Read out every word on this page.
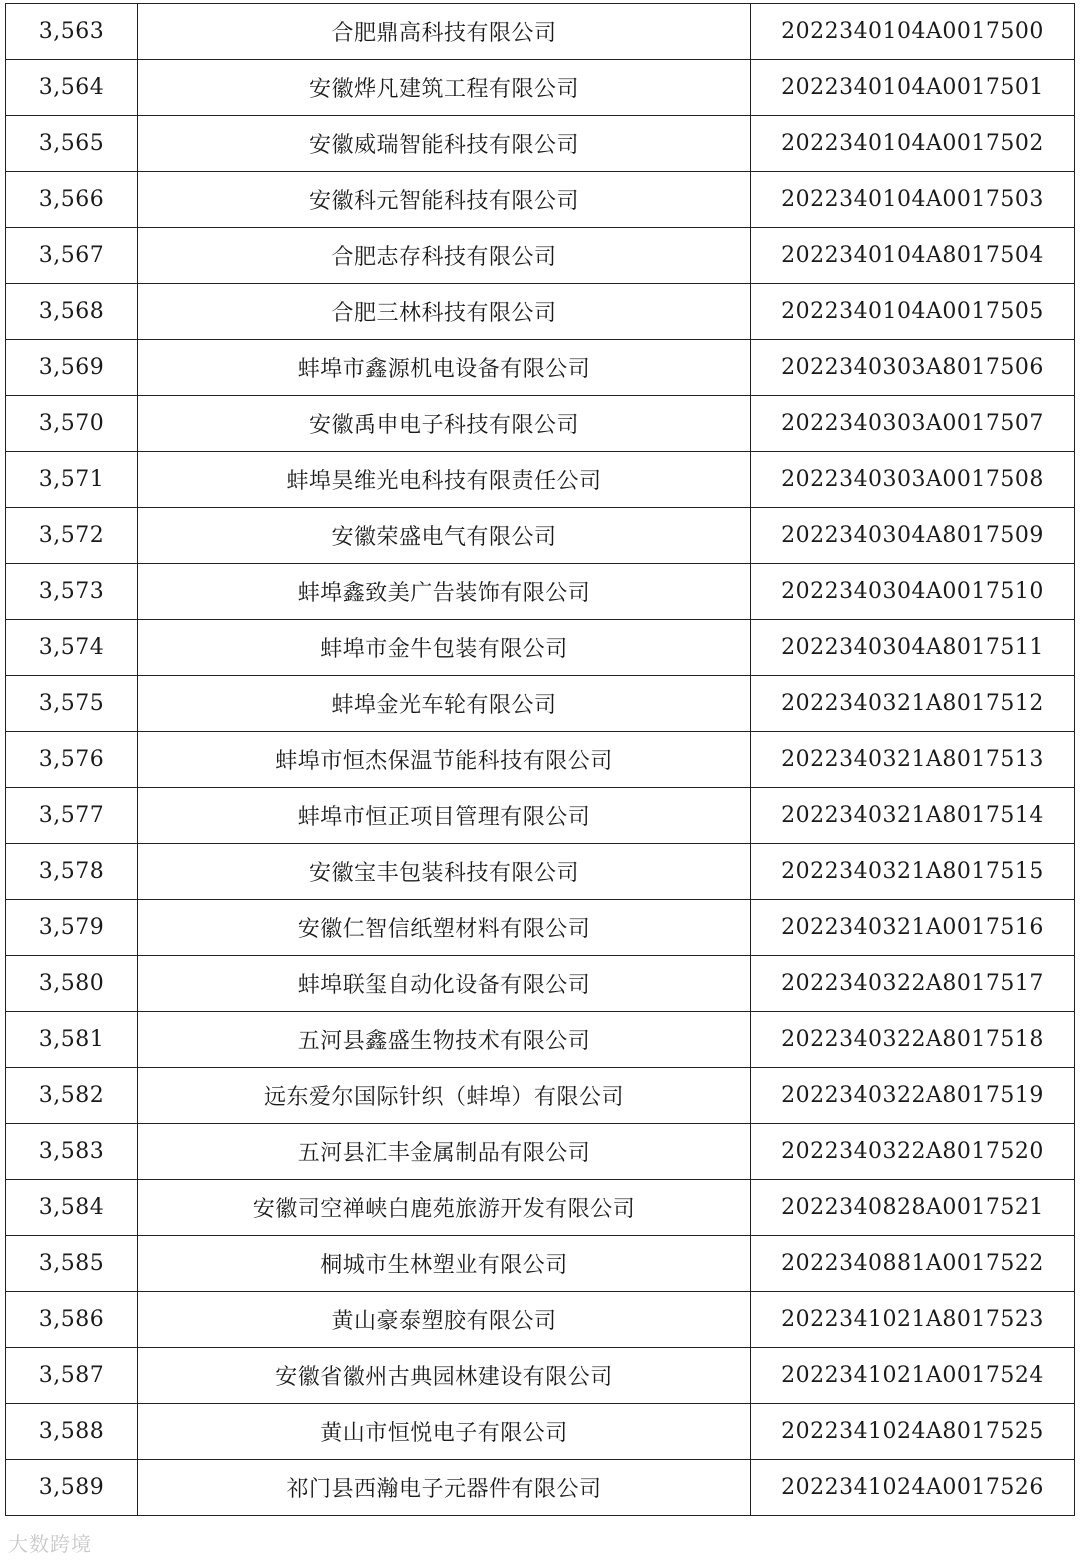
3,563	合肥鼎高科技有限公司	2022340104A0017500
3,564	安徽烨凡建筑工程有限公司	2022340104A0017501
3,565	安徽威瑞智能科技有限公司	2022340104A0017502
3,566	安徽科元智能科技有限公司	2022340104A0017503
3,567	合肥志存科技有限公司	2022340104A8017504
3,568	合肥三林科技有限公司	2022340104A0017505
3,569	蚌埠市鑫源机电设备有限公司	2022340303A8017506
3,570	安徽禹申电子科技有限公司	2022340303A0017507
3,571	蚌埠昊维光电科技有限责任公司	2022340303A0017508
3,572	安徽荣盛电气有限公司	2022340304A8017509
3,573	蚌埠鑫致美广告装饰有限公司	2022340304A0017510
3,574	蚌埠市金牛包装有限公司	2022340304A8017511
3,575	蚌埠金光车轮有限公司	2022340321A8017512
3,576	蚌埠市恒杰保温节能科技有限公司	2022340321A8017513
3,577	蚌埠市恒正项目管理有限公司	2022340321A8017514
3,578	安徽宝丰包装科技有限公司	2022340321A8017515
3,579	安徽仁智信纸塑材料有限公司	2022340321A0017516
3,580	蚌埠联玺自动化设备有限公司	2022340322A8017517
3,581	五河县鑫盛生物技术有限公司	2022340322A8017518
3,582	远东爱尔国际针织（蚌埠）有限公司	2022340322A8017519
3,583	五河县汇丰金属制品有限公司	2022340322A8017520
3,584	安徽司空禅峡白鹿苑旅游开发有限公司	2022340828A0017521
3,585	桐城市生林塑业有限公司	2022340881A0017522
3,586	黄山豪泰塑胶有限公司	2022341021A8017523
3,587	安徽省徽州古典园林建设有限公司	2022341021A0017524
3,588	黄山市恒悦电子有限公司	2022341024A8017525
3,589	祁门县西瀚电子元器件有限公司	2022341024A0017526
大数跨境
